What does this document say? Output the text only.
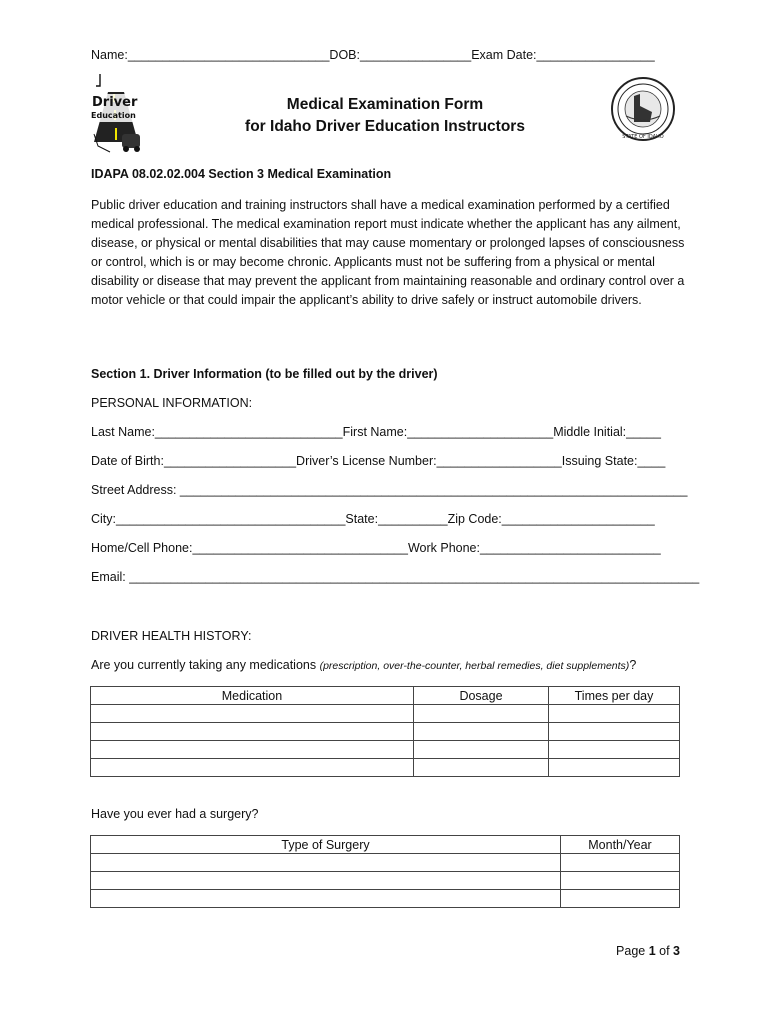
Name:_____________________________DOB:________________Exam Date:_________________
Driver
Education
STATE OF IDAHO
Medical Examination Form
for Idaho Driver Education Instructors
IDAPA 08.02.02.004 Section 3 Medical Examination
Public driver education and training instructors shall have a medical examination performed by a certified medical professional. The medical examination report must indicate whether the applicant has any ailment, disease, or physical or mental disabilities that may cause momentary or prolonged lapses of consciousness or control, which is or may become chronic. Applicants must not be suffering from a physical or mental disability or disease that may prevent the applicant from maintaining reasonable and ordinary control over a motor vehicle or that could impair the applicant’s ability to drive safely or instruct automobile drivers.
Section 1. Driver Information (to be filled out by the driver)
PERSONAL INFORMATION:
Last Name:___________________________First Name:_____________________Middle Initial:_____
Date of Birth:___________________Driver’s License Number:__________________Issuing State:____
Street Address: _________________________________________________________________________
City:_________________________________State:__________Zip Code:______________________
Home/Cell Phone:_______________________________Work Phone:__________________________
Email: __________________________________________________________________________________
DRIVER HEALTH HISTORY:
Are you currently taking any medications (prescription, over-the-counter, herbal remedies, diet supplements)?
Medication	Dosage	Times per day

Have you ever had a surgery?
Type of Surgery	Month/Year

Page 1 of 3
